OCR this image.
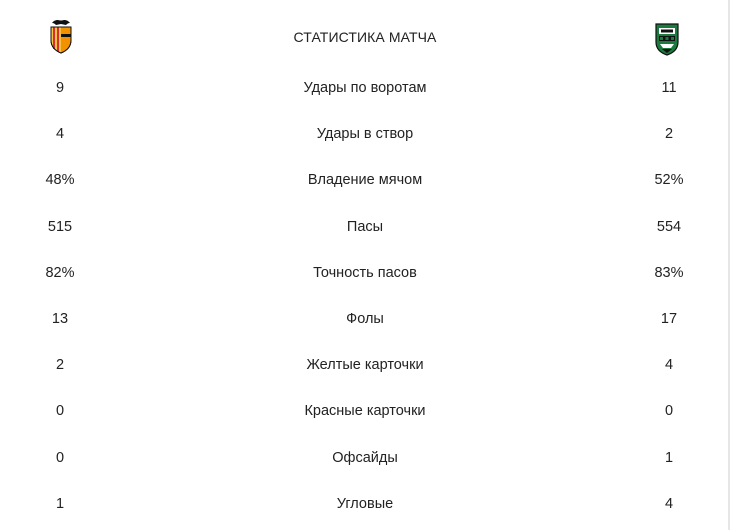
СТАТИСТИКА МАТЧА
9	Удары по воротам	11
4	Удары в створ	2
48%	Владение мячом	52%
515	Пасы	554
82%	Точность пасов	83%
13	Фолы	17
2	Желтые карточки	4
0	Красные карточки	0
0	Офсайды	1
1	Угловые	4
